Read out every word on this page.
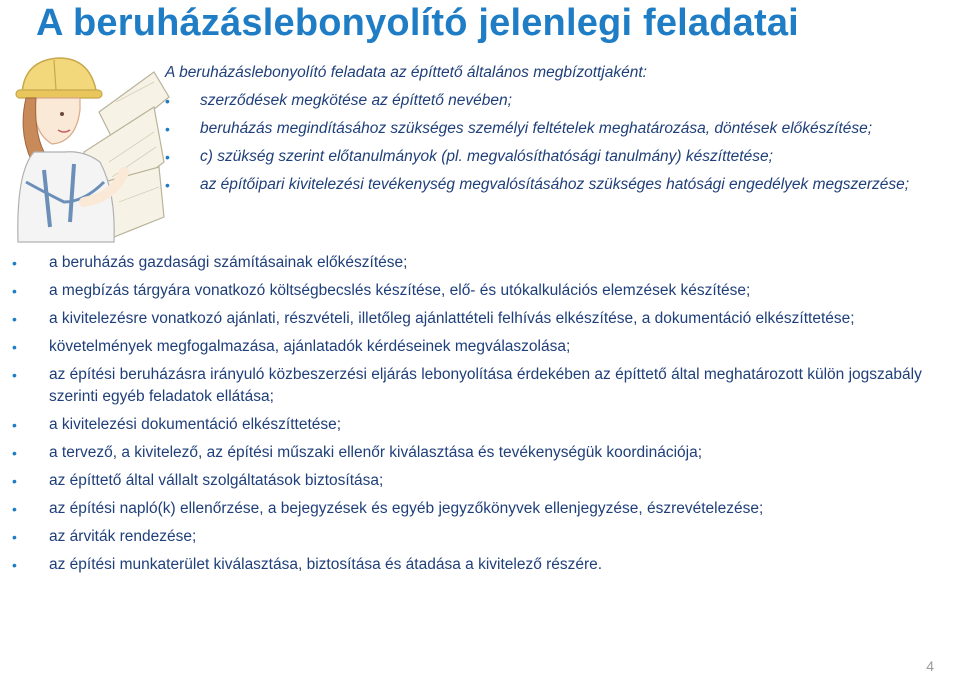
A beruházáslebonyolító jelenlegi feladatai

A beruházáslebonyolító feladata az építtető általános megbízottjaként:

• szerződések megkötése az építtető nevében;
• beruházás megindításához szükséges személyi feltételek meghatározása, döntések előkészítése;
• c) szükség szerint előtanulmányok (pl. megvalósíthatósági tanulmány) készíttetése;
• az építőipari kivitelezési tevékenység megvalósításához szükséges hatósági engedélyek megszerzése;
• a beruházás gazdasági számításainak előkészítése;
• a megbízás tárgyára vonatkozó költségbecslés készítése, elő- és utókalkulációs elemzések készítése;
• a kivitelezésre vonatkozó ajánlati, részvételi, illetőleg ajánlattételi felhívás elkészítése, a dokumentáció elkészíttetése;
• követelmények megfogalmazása, ajánlatadók kérdéseinek megválaszolása;
• az építési beruházásra irányuló közbeszerzési eljárás lebonyolítása érdekében az építtető által meghatározott külön jogszabály szerinti egyéb feladatok ellátása;
• a kivitelezési dokumentáció elkészíttetése;
• a tervező, a kivitelező, az építési műszaki ellenőr kiválasztása és tevékenységük koordinációja;
• az építtető által vállalt szolgáltatások biztosítása;
• az építési napló(k) ellenőrzése, a bejegyzések és egyéb jegyzőkönyvek ellenjegyzése, észrevételezése;
• az árviták rendezése;
• az építési munkaterület kiválasztása, biztosítása és átadása a kivitelező részére.
4
